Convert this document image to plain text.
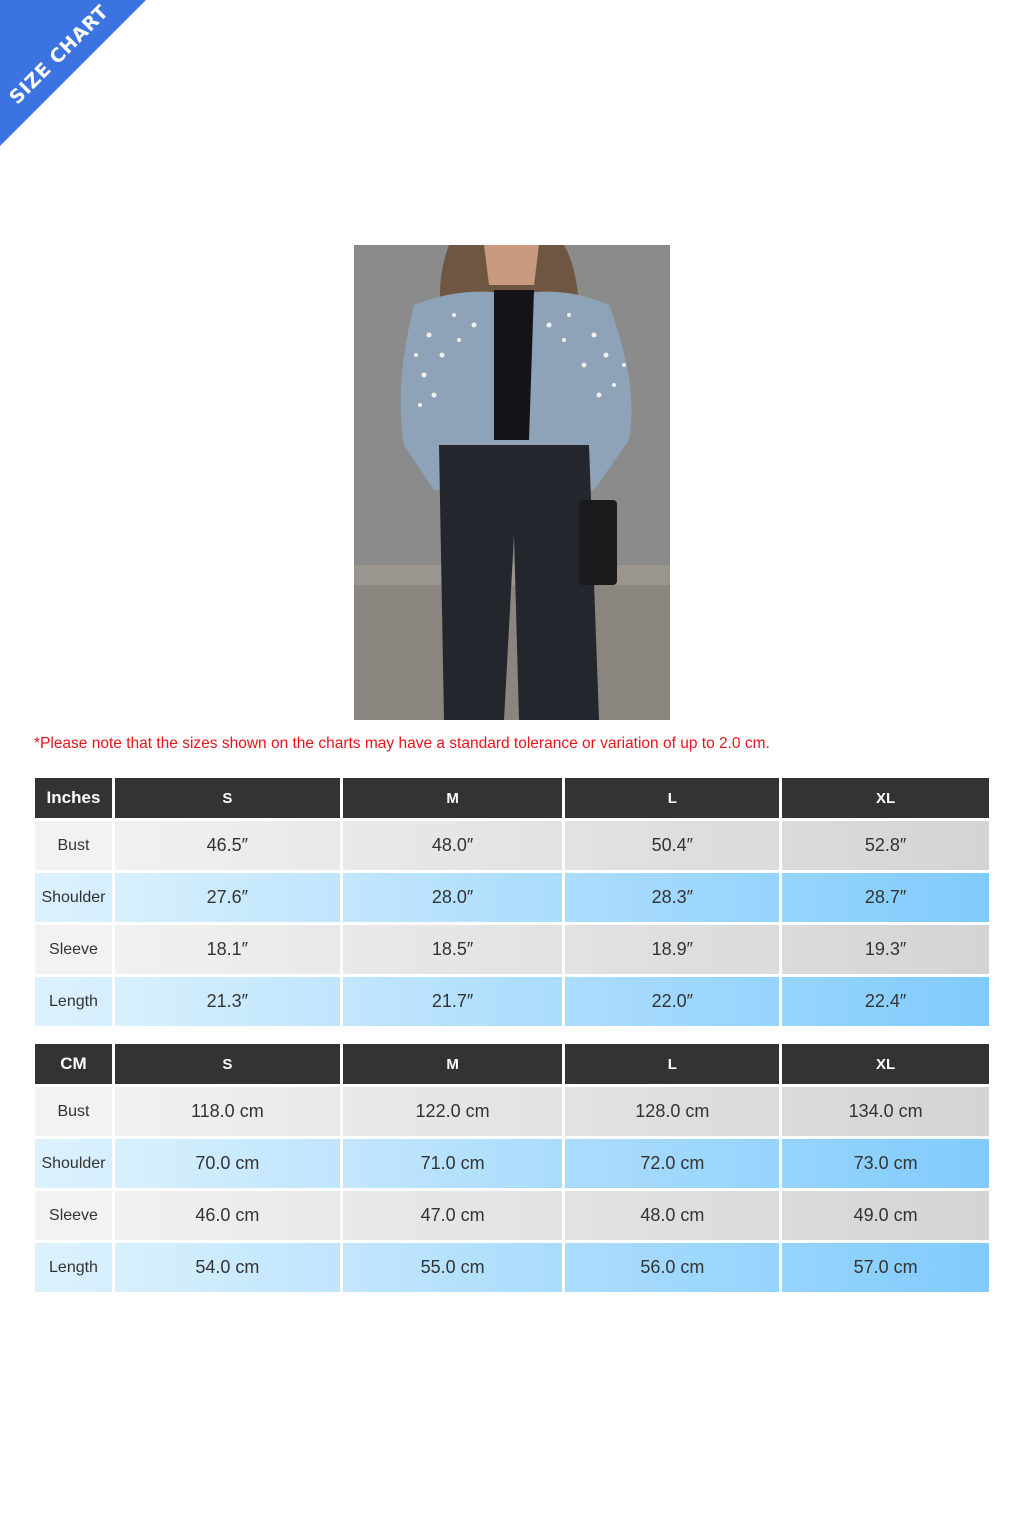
SIZE CHART
*Please note that the sizes shown on the charts may have a standard tolerance or variation of up to 2.0 cm.
Inches	S	M	L	XL
Bust	46.5″	48.0″	50.4″	52.8″
Shoulder	27.6″	28.0″	28.3″	28.7″
Sleeve	18.1″	18.5″	18.9″	19.3″
Length	21.3″	21.7″	22.0″	22.4″
CM	S	M	L	XL
Bust	118.0 cm	122.0 cm	128.0 cm	134.0 cm
Shoulder	70.0 cm	71.0 cm	72.0 cm	73.0 cm
Sleeve	46.0 cm	47.0 cm	48.0 cm	49.0 cm
Length	54.0 cm	55.0 cm	56.0 cm	57.0 cm
